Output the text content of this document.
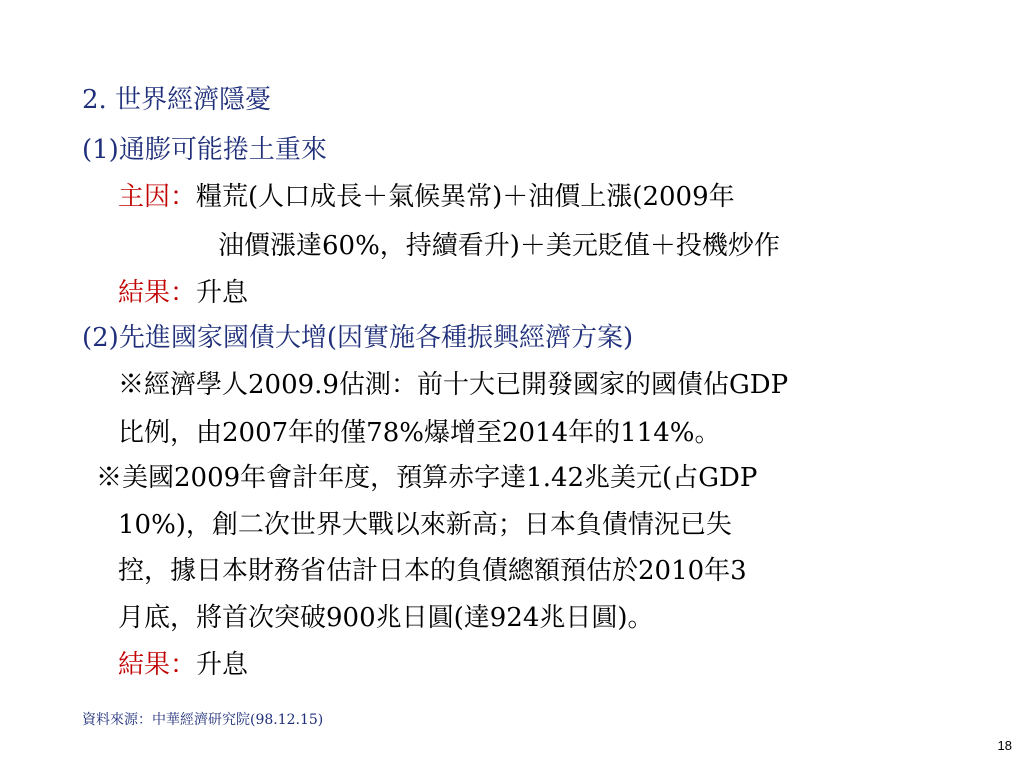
2. 世界經濟隱憂
(1)通膨可能捲土重來
主因：糧荒(人口成長＋氣候異常)＋油價上漲(2009年
油價漲達60%，持續看升)＋美元貶值＋投機炒作
結果：升息
(2)先進國家國債大增(因實施各種振興經濟方案)
※經濟學人2009.9估測：前十大已開發國家的國債佔GDP
比例，由2007年的僅78%爆增至2014年的114%。
※美國2009年會計年度，預算赤字達1.42兆美元(占GDP
10%)，創二次世界大戰以來新高；日本負債情況已失
控，據日本財務省估計日本的負債總額預估於2010年3
月底，將首次突破900兆日圓(達924兆日圓)。
結果：升息
資料來源：中華經濟研究院(98.12.15)
18
